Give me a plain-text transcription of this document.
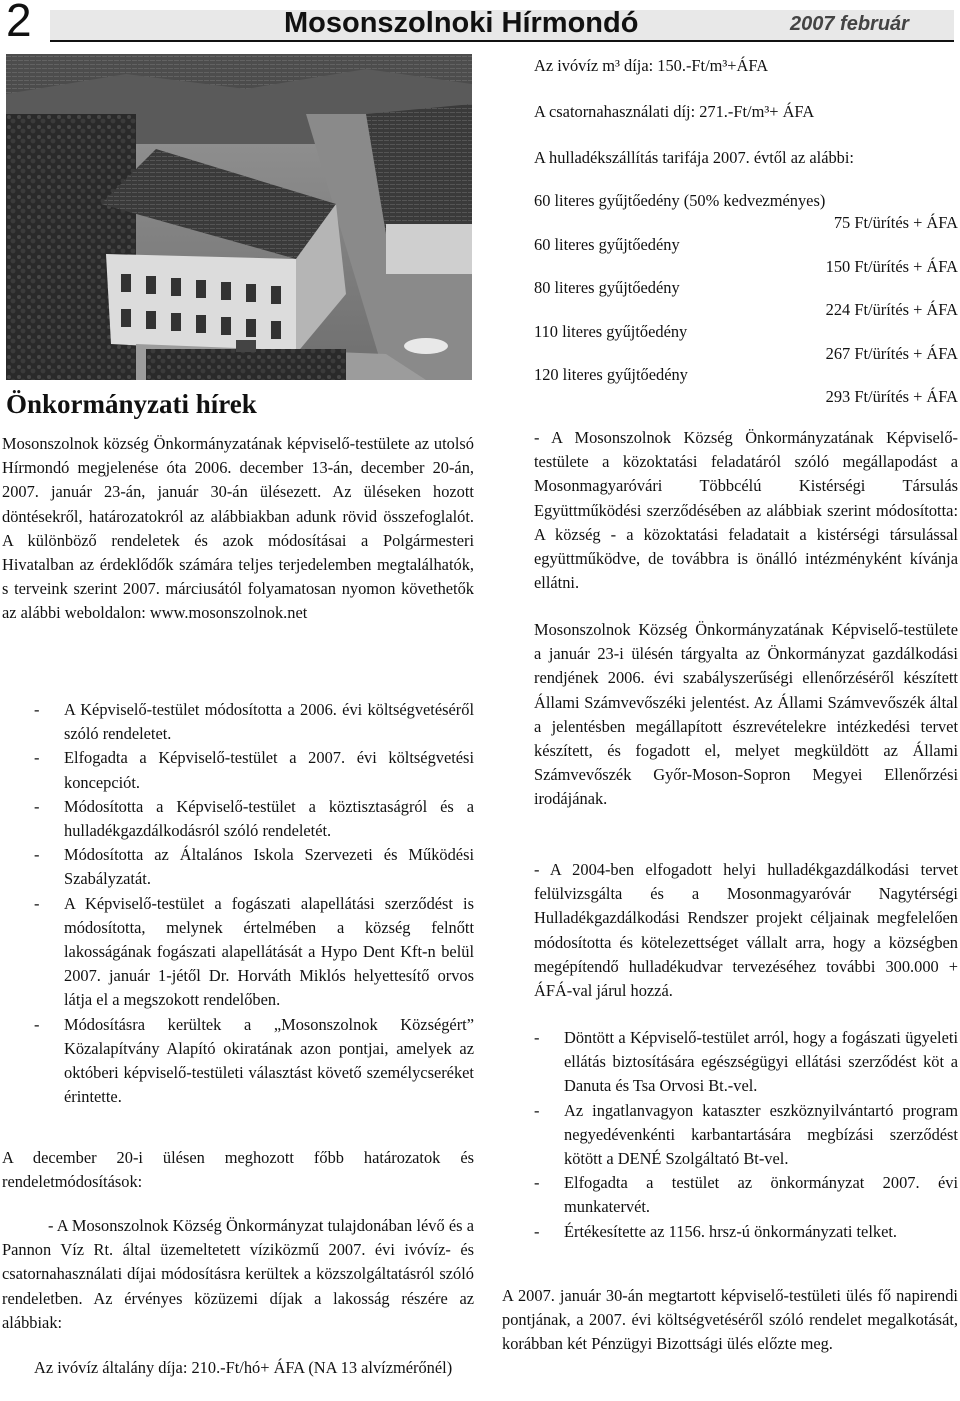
2	Mosonszolnoki Hírmondó	2007 február
Önkormányzati hírek

Mosonszolnok község Önkormányzatának képviselő-testülete az utolsó Hírmondó megjelenése óta 2006. december 13-án, december 20-án, 2007. január 23-án, január 30-án ülésezett. Az üléseken hozott döntésekről, határozatokról az alábbiakban adunk rövid összefoglalót. A különböző rendeletek és azok módosításai a Polgármesteri Hivatalban az érdeklődők számára teljes terjedelemben megtalálhatók, s terveink szerint 2007. márciusától folyamatosan nyomon követhetők az alábbi weboldalon: www.mosonszolnok.net

- A Képviselő-testület módosította a 2006. évi költségvetéséről szóló rendeletet.
- Elfogadta a Képviselő-testület a 2007. évi költségvetési koncepciót.
- Módosította a Képviselő-testület a köztisztaságról és a hulladékgazdálkodásról szóló rendeletét.
- Módosította az Általános Iskola Szervezeti és Működési Szabályzatát.
- A Képviselő-testület a fogászati alapellátási szerződést is módosította, melynek értelmében a község felnőtt lakosságának fogászati alapellátását a Hypo Dent Kft-n belül 2007. január 1-jétől Dr. Horváth Miklós helyettesítő orvos látja el a megszokott rendelőben.
- Módosításra kerültek a „Mosonszolnok Községért” Közalapítvány Alapító okiratának azon pontjai, amelyek az októberi képviselő-testületi választást követő személycseréket érintette.

A december 20-i ülésen meghozott főbb határozatok és rendeletmódosítások:

- A Mosonszolnok Község Önkormányzat tulajdonában lévő és a Pannon Víz Rt. által üzemeltetett víziközmű 2007. évi ivóvíz- és csatornahasználati díjai módosításra kerültek a közszolgáltatásról szóló rendeletben. Az érvényes közüzemi díjak a lakosság részére az alábbiak:

Az ivóvíz általány díja: 210.-Ft/hó+ ÁFA (NA 13 alvízmérőnél)

Az ivóvíz m³ díja: 150.-Ft/m³+ÁFA

A csatornahasználati díj: 271.-Ft/m³+ ÁFA

A hulladékszállítás tarifája 2007. évtől az alábbi:

60 literes gyűjtőedény (50% kedvezményes)
75 Ft/ürítés + ÁFA
60 literes gyűjtőedény
150 Ft/ürítés + ÁFA
80 literes gyűjtőedény
224 Ft/ürítés + ÁFA
110 literes gyűjtőedény
267 Ft/ürítés + ÁFA
120 literes gyűjtőedény
293 Ft/ürítés + ÁFA

- A Mosonszolnok Község Önkormányzatának Képviselő-testülete a közoktatási feladatáról szóló megállapodást a Mosonmagyaróvári Többcélú Kistérségi Társulás Együttműködési szerződésében az alábbiak szerint módosította: A község - a közoktatási feladatait a kistérségi társulással együttműködve, de továbbra is önálló intézményként kívánja ellátni.

Mosonszolnok Község Önkormányzatának Képviselő-testülete a január 23-i ülésén tárgyalta az Önkormányzat gazdálkodási rendjének 2006. évi szabályszerűségi ellenőrzéséről készített Állami Számvevőszéki jelentést. Az Állami Számvevőszék által a jelentésben megállapított észrevételekre intézkedési tervet készített, és fogadott el, melyet megküldött az Állami Számvevőszék Győr-Moson-Sopron Megyei Ellenőrzési irodájának.

- A 2004-ben elfogadott helyi hulladékgazdálkodási tervet felülvizsgálta és a Mosonmagyaróvár Nagytérségi Hulladékgazdálkodási Rendszer projekt céljainak megfelelően módosította és kötelezettséget vállalt arra, hogy a községben megépítendő hulladékudvar tervezéséhez további 300.000 + ÁFÁ-val járul hozzá.

- Döntött a Képviselő-testület arról, hogy a fogászati ügyeleti ellátás biztosítására egészségügyi ellátási szerződést köt a Danuta és Tsa Orvosi Bt.-vel.
- Az ingatlanvagyon kataszter eszköznyilvántartó program negyedévenkénti karbantartására megbízási szerződést kötött a DENÉ Szolgáltató Bt-vel.
- Elfogadta a testület az önkormányzat 2007. évi munkatervét.
- Értékesítette az 1156. hrsz-ú önkormányzati telket.

A 2007. január 30-án megtartott képviselő-testületi ülés fő napirendi pontjának, a 2007. évi költségvetéséről szóló rendelet megalkotását, korábban két Pénzügyi Bizottsági ülés előzte meg.
